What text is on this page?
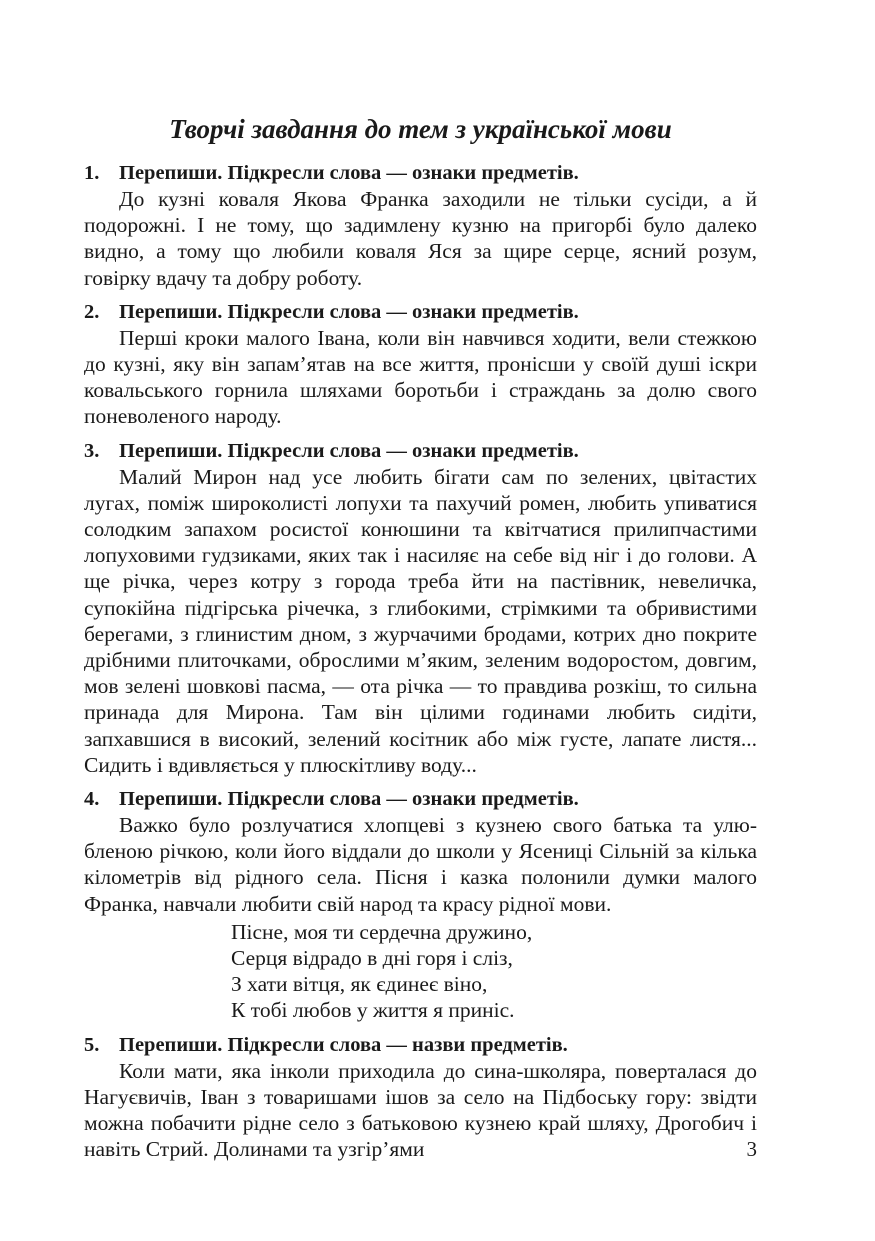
Творчі завдання до тем з української мови
1. Перепиши. Підкресли слова — ознаки предметів.

До кузні коваля Якова Франка заходили не тільки сусіди, а й подорожні. І не тому, що задимлену кузню на пригорбі було далеко видно, а тому що любили коваля Яся за щире серце, ясний розум, говірку вдачу та добру роботу.

2. Перепиши. Підкресли слова — ознаки предметів.

Перші кроки малого Івана, коли він навчився ходити, вели стежкою до кузні, яку він запам’ятав на все життя, пронісши у своїй душі іскри ковальського горнила шляхами боротьби і страждань за долю свого поневоленого народу.

3. Перепиши. Підкресли слова — ознаки предметів.

Малий Мирон над усе любить бігати сам по зелених, цвітастих лугах, поміж широколисті лопухи та пахучий ромен, любить упиватися солодким запахом росистої конюшини та квітчатися прилипчастими лопуховими гудзиками, яких так і насиляє на себе від ніг і до голови. А ще річка, через котру з города треба йти на пастівник, невеличка, супокійна підгірська річечка, з глибокими, стрімкими та обривистими берегами, з глинистим дном, з журчачими бродами, котрих дно покрите дрібними плиточками, оброслими м’яким, зеленим водоростом, довгим, мов зелені шовкові пасма, — ота річка — то правдива розкіш, то сильна принада для Мирона. Там він цілими годинами любить сидіти, запхавшися в високий, зелений косітник або між густе, лапате листя... Сидить і вдивляється у плюскітливу воду...

4. Перепиши. Підкресли слова — ознаки предметів.

Важко було розлучатися хлопцеві з кузнею свого батька та улюбленою річкою, коли його віддали до школи у Ясениці Сільній за кілька кілометрів від рідного села. Пісня і казка полонили думки малого Франка, навчали любити свій народ та красу рідної мови.

Пісне, моя ти сердечна дружино,
Серця відрадо в дні горя і сліз,
З хати вітця, як єдинеє віно,
К тобі любов у життя я приніс.
5. Перепиши. Підкресли слова — назви предметів.

Коли мати, яка інколи приходила до сина-школяра, поверталася до Нагуєвичів, Іван з товаришами ішов за село на Підбоську гору: звідти можна побачити рідне село з батьковою кузнею край шляху, Дрогобич і навіть Стрий. Долинами та узгір’ями	3
